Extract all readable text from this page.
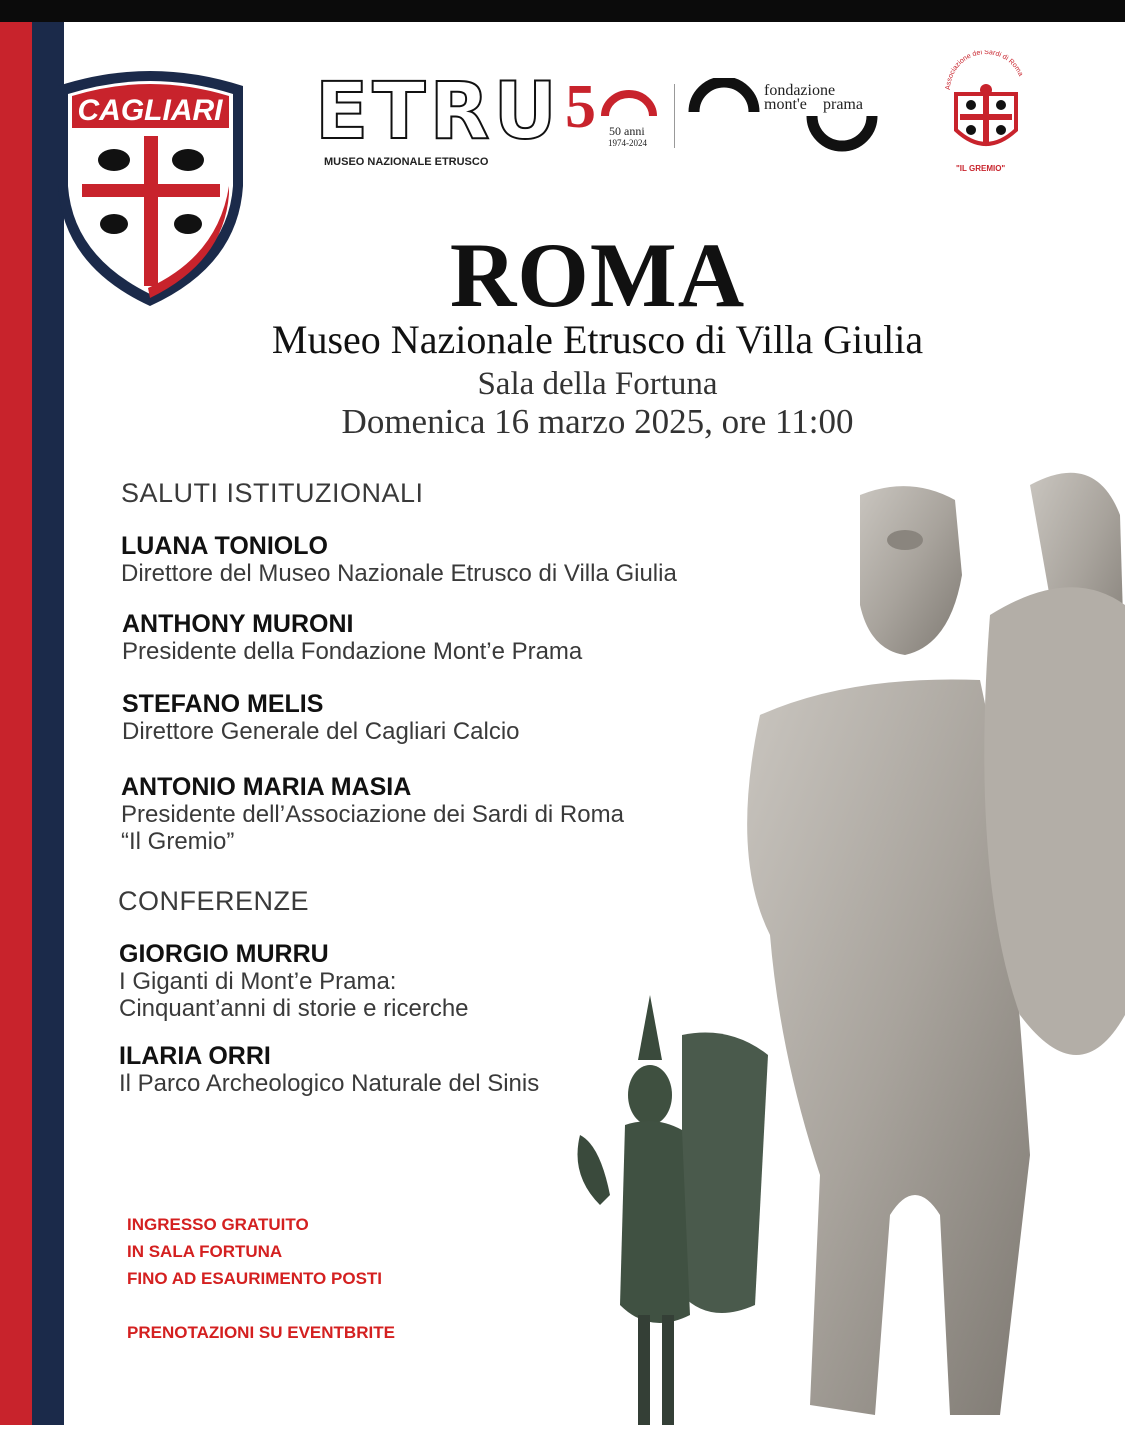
CAGLIARI ETRU
MUSEO NAZIONALE ETRUSCO
5 50 anni
1974-2024
fondazione
mont'e prama
Associazione dei Sardi di Roma
"IL GREMIO"
ROMA
Museo Nazionale Etrusco di Villa Giulia
Sala della Fortuna
Domenica 16 marzo 2025, ore 11:00
SALUTI ISTITUZIONALI
LUANA TONIOLO
Direttore del Museo Nazionale Etrusco di Villa Giulia
ANTHONY MURONI
Presidente della Fondazione Mont’e Prama
STEFANO MELIS
Direttore Generale del Cagliari Calcio
ANTONIO MARIA MASIA
Presidente dell’Associazione dei Sardi di Roma
“Il Gremio”
CONFERENZE
GIORGIO MURRU
I Giganti di Mont’e Prama:
Cinquant’anni di storie e ricerche
ILARIA ORRI
Il Parco Archeologico Naturale del Sinis
INGRESSO GRATUITO
IN SALA FORTUNA
FINO AD ESAURIMENTO POSTI
PRENOTAZIONI SU EVENTBRITE
